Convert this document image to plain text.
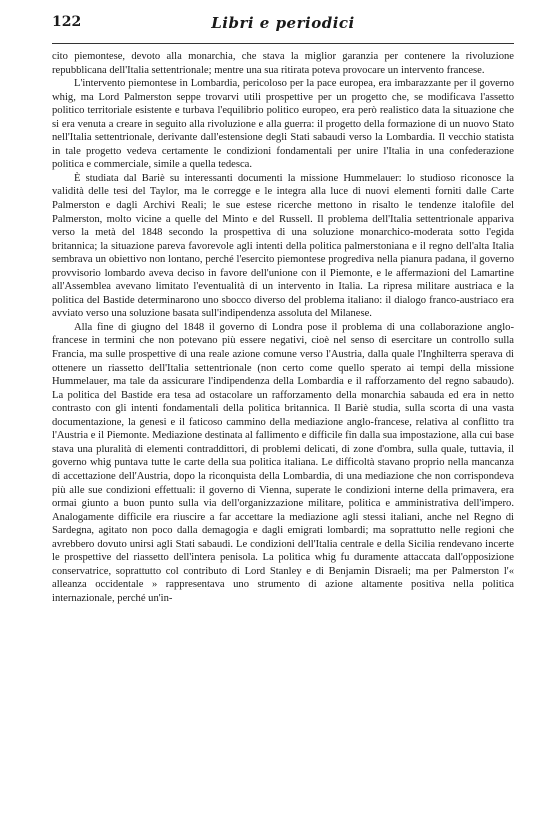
122	Libri e periodici

cito piemontese, devoto alla monarchia, che stava la miglior garanzia per contenere la rivoluzione repubblicana dell'Italia settentrionale; mentre una sua ritirata poteva provocare un intervento francese.

L'intervento piemontese in Lombardia, pericoloso per la pace europea, era imbarazzante per il governo whig, ma Lord Palmerston seppe trovarvi utili prospettive per un progetto che, se modificava l'assetto politico territoriale esistente e turbava l'equilibrio politico europeo, era però realistico data la situazione che si era venuta a creare in seguito alla rivoluzione e alla guerra: il progetto della formazione di un nuovo Stato nell'Italia settentrionale, derivante dall'estensione degli Stati sabaudi verso la Lombardia. Il vecchio statista in tale progetto vedeva certamente le condizioni fondamentali per unire l'Italia in una confederazione politica e commerciale, simile a quella tedesca.

È studiata dal Bariè su interessanti documenti la missione Hummelauer: lo studioso riconosce la validità delle tesi del Taylor, ma le corregge e le integra alla luce di nuovi elementi forniti dalle Carte Palmerston e dagli Archivi Reali; le sue estese ricerche mettono in risalto le tendenze italofile del Palmerston, molto vicine a quelle del Minto e del Russell. Il problema dell'Italia settentrionale appariva verso la metà del 1848 secondo la prospettiva di una soluzione monarchico-moderata sotto l'egida britannica; la situazione pareva favorevole agli intenti della politica palmerstoniana e il regno dell'alta Italia sembrava un obiettivo non lontano, perché l'esercito piemontese progrediva nella pianura padana, il governo provvisorio lombardo aveva deciso in favore dell'unione con il Piemonte, e le affermazioni del Lamartine all'Assemblea avevano limitato l'eventualità di un intervento in Italia. La ripresa militare austriaca e la politica del Bastide determinarono uno sbocco diverso del problema italiano: il dialogo franco-austriaco era avviato verso una soluzione basata sull'indipendenza assoluta del Milanese.

Alla fine di giugno del 1848 il governo di Londra pose il problema di una collaborazione anglo-francese in termini che non potevano più essere negativi, cioè nel senso di esercitare un controllo sulla Francia, ma sulle prospettive di una reale azione comune verso l'Austria, dalla quale l'Inghilterra sperava di ottenere un riassetto dell'Italia settentrionale (non certo come quello sperato ai tempi della missione Hummelauer, ma tale da assicurare l'indipendenza della Lombardia e il rafforzamento del regno sabaudo). La politica del Bastide era tesa ad ostacolare un rafforzamento della monarchia sabauda ed era in netto contrasto con gli intenti fondamentali della politica britannica. Il Bariè studia, sulla scorta di una vasta documentazione, la genesi e il faticoso cammino della mediazione anglo-francese, relativa al conflitto tra l'Austria e il Piemonte. Mediazione destinata al fallimento e difficile fin dalla sua impostazione, alla cui base stava una pluralità di elementi contraddittori, di problemi delicati, di zone d'ombra, sulla quale, tuttavia, il governo whig puntava tutte le carte della sua politica italiana. Le difficoltà stavano proprio nella mancanza di accettazione dell'Austria, dopo la riconquista della Lombardia, di una mediazione che non corrispondeva più alle sue condizioni effettuali: il governo di Vienna, superate le condizioni interne della primavera, era ormai giunto a buon punto sulla via dell'organizzazione militare, politica e amministrativa dell'impero. Analogamente difficile era riuscire a far accettare la mediazione agli stessi italiani, anche nel Regno di Sardegna, agitato non poco dalla demagogia e dagli emigrati lombardi; ma soprattutto nelle regioni che avrebbero dovuto unirsi agli Stati sabaudi. Le condizioni dell'Italia centrale e della Sicilia rendevano incerte le prospettive del riassetto dell'intera penisola. La politica whig fu duramente attaccata dall'opposizione conservatrice, soprattutto col contributo di Lord Stanley e di Benjamin Disraeli; ma per Palmerston l'« alleanza occidentale » rappresentava uno strumento di azione altamente positiva nella politica internazionale, perché un'in-
